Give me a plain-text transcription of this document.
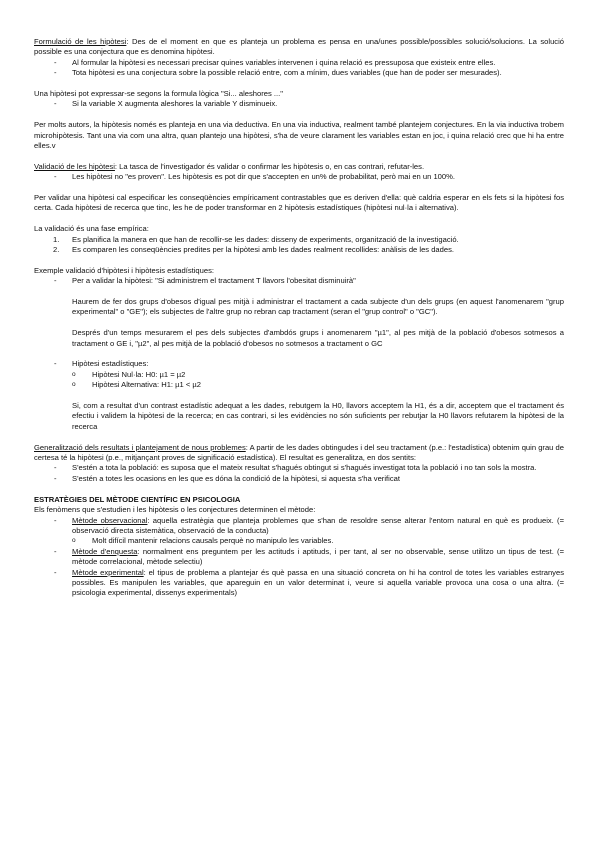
Formulació de les hipòtesi: Des de el moment en que es planteja un problema es pensa en una/unes possible/possibles solució/solucions. La solució possible es una conjectura que es denomina hipòtesi.

- Al formular la hipòtesi es necessari precisar quines variables intervenen i quina relació es pressuposa que existeix entre elles.
- Tota hipòtesi es una conjectura sobre la possible relació entre, com a mínim, dues variables (que han de poder ser mesurades).

Una hipòtesi pot expressar-se segons la formula lògica "Si... aleshores ..."

- Si la variable X augmenta aleshores la variable Y disminueix.

Per molts autors, la hipòtesis només es planteja en una via deductiva. En una via inductiva, realment també plantejem conjectures. En la via inductiva trobem microhipòtesis. Tant una via com una altra, quan plantejo una hipòtesi, s'ha de veure clarament les variables estan en joc, i quina relació crec que hi ha entre elles.v

Validació de les hipòtesi: La tasca de l'investigador és validar o confirmar les hipòtesis o, en cas contrari, refutar-les.

- Les hipòtesi no "es proven". Les hipòtesis es pot dir que s'accepten en un% de probabilitat, però mai en un 100%.

Per validar una hipòtesi cal especificar les conseqüències empíricament contrastables que es deriven d'ella: què caldria esperar en els fets si la hipòtesi fos certa. Cada hipòtesi de recerca que tinc, les he de poder transformar en 2 hipòtesis estadístiques (hipòtesi nul·la i alternativa).

La validació és una fase empírica:

1. Es planifica la manera en que han de recollir-se les dades: disseny de experiments, organització de la investigació.
2. Es comparen les conseqüències predites per la hipòtesi amb les dades realment recollides: anàlisis de les dades.

Exemple validació d'hipòtesi i hipòtesis estadístiques:

- Per a validar la hipòtesi: "Si administrem el tractament T llavors l'obesitat disminuirà"

Haurem de fer dos grups d'obesos d'igual pes mitjà i administrar el tractament a cada subjecte d'un dels grups (en aquest l'anomenarem "grup experimental" o "GE"); els subjectes de l'altre grup no rebran cap tractament (seran el "grup control" o "GC").

Després d'un temps mesurarem el pes dels subjectes d'ambdós grups i anomenarem "µ1", al pes mitjà de la població d'obesos sotmesos a tractament o GE i, "µ2", al pes mitjà de la població d'obesos no sotmesos a tractament o GC

- Hipòtesi estadístiques:
o Hipòtesi Nul·la: H0: µ1 = µ2
o Hipòtesi Alternativa: H1: µ1 < µ2

Si, com a resultat d'un contrast estadístic adequat a les dades, rebutgem la H0, llavors acceptem la H1, és a dir, acceptem que el tractament és efectiu i validem la hipòtesi de la recerca; en cas contrari, si les evidències no són suficients per rebutjar la H0 llavors refutarem la hipòtesi de la recerca

Generalització dels resultats i plantejament de nous problemes: A partir de les dades obtingudes i del seu tractament (p.e.: l'estadística) obtenim quin grau de certesa té la hipòtesi (p.e., mitjançant proves de significació estadística). El resultat es generalitza, en dos sentits:

- S'estén a tota la població: es suposa que el mateix resultat s'hagués obtingut si s'hagués investigat tota la població i no tan sols la mostra.
- S'estén a totes les ocasions en les que es dóna la condició de la hipòtesi, si aquesta s'ha verificat

ESTRATÈGIES DEL MÈTODE CIENTÍFIC EN PSICOLOGIA

Els fenòmens que s'estudien i les hipòtesis o les conjectures determinen el mètode:

- Mètode observacional: aquella estratègia que planteja problemes que s'han de resoldre sense alterar l'entorn natural en què es produeix. (= observació directa sistemàtica, observació de la conducta)
o Molt difícil mantenir relacions causals perquè no manipulo les variables.
- Mètode d'enquesta: normalment ens preguntem per les actituds i aptituds, i per tant, al ser no observable, sense utilitzo un tipus de test. (= mètode correlacional, mètode selectiu)
- Mètode experimental: el tipus de problema a plantejar és què passa en una situació concreta on hi ha control de totes les variables estranyes possibles. Es manipulen les variables, que apareguin en un valor determinat i, veure si aquella variable provoca una cosa o una altra. (= psicologia experimental, dissenys experimentals)
